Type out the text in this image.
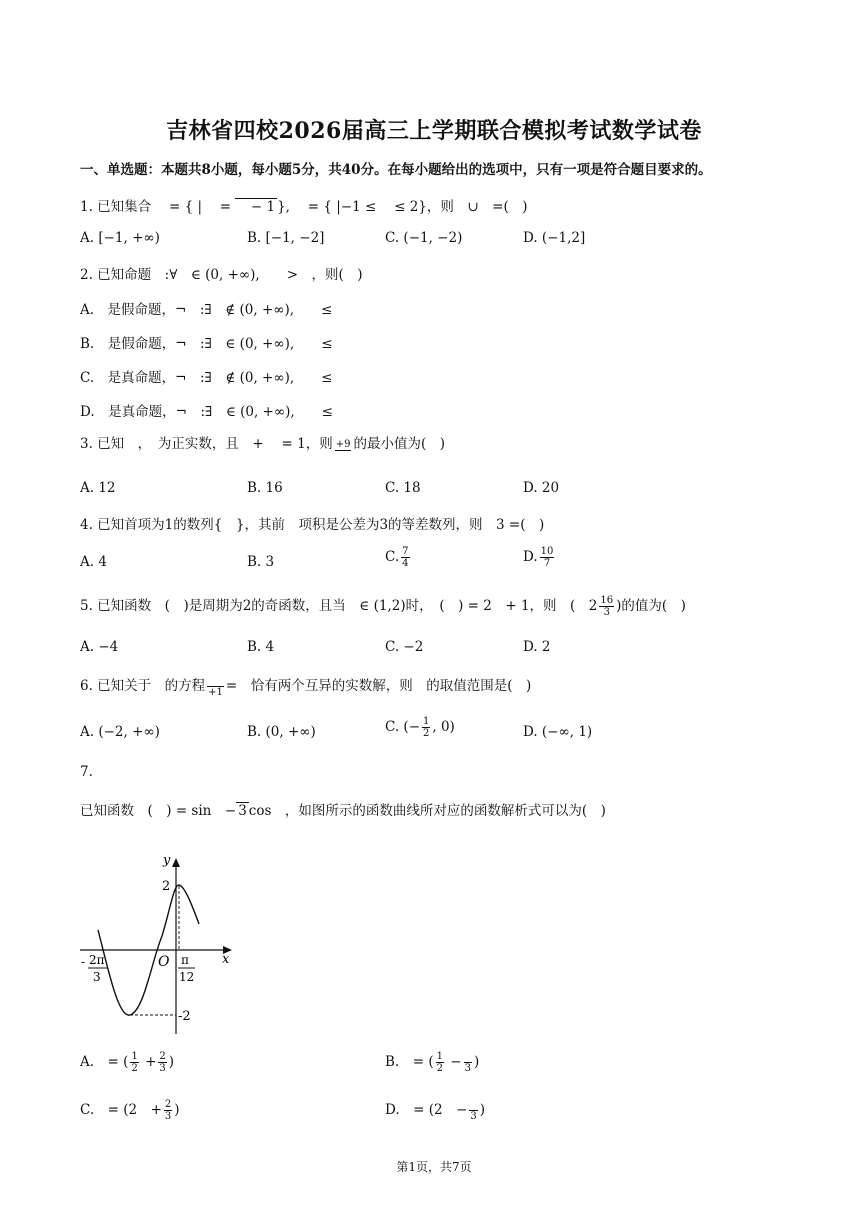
吉林省四校2026届高三上学期联合模拟考试数学试卷
一、单选题：本题共8小题，每小题5分，共40分。在每小题给出的选项中，只有一项是符合题目要求的。
1. 已知集合　 = { | 　= 　− 1 },　 = { |−1 ≤　 ≤ 2}，则　∪　=(　)
A. [−1, +∞)	B. [−1, −2]	C. (−1, −2)	D. (−1,2]
2. 已知命题　:∀　∈ (0, +∞),　　>　，则(　)
A.　是假命题，¬　:∃　∉ (0, +∞),　　≤
B.　是假命题，¬　:∃　∈ (0, +∞),　　≤
C.　是真命题，¬　:∃　∉ (0, +∞),　　≤
D.　是真命题，¬　:∃　∈ (0, +∞),　　≤
3. 已知　，　为正实数，且　+　 = 1，则 +9 的最小值为(　)
A. 12	B. 16	C. 18	D. 20
4. 已知首项为1的数列{　}，其前　项积是公差为3的等差数列，则　3 =(　)
A. 4	B. 3	C. $\frac{7}{4}$	D. $\frac{10}{7}$
5. 已知函数　(　)是周期为2的奇函数，且当　∈ (1,2)时，　(　) = 2　+ 1，则　(　$2 \frac{16}{3}$ )的值为(　)
A. −4	B. 4	C. −2	D. 2
6. 已知关于　的方程
+1 =　恰有两个互异的实数解，则　的取值范围是(　)
A. (−2, +∞)	B. (0, +∞)	C. (− $\frac{1}{2}$ , 0)	D. (−∞, 1)
7.
已知函数　(　) = sin　− 3 cos　，如图所示的函数曲线所对应的函数解析式可以为(　)
y
x
O
2
-2
- 2π
3
π
12
A.　= ( $\frac{1}{2} + \frac{2}{3}$ )	B.　= ( $\frac{1}{2}$ −
3 )
C.　= (2　+ $\frac{2}{3}$ )	D.　= (2　−
3 )
第1页，共7页
